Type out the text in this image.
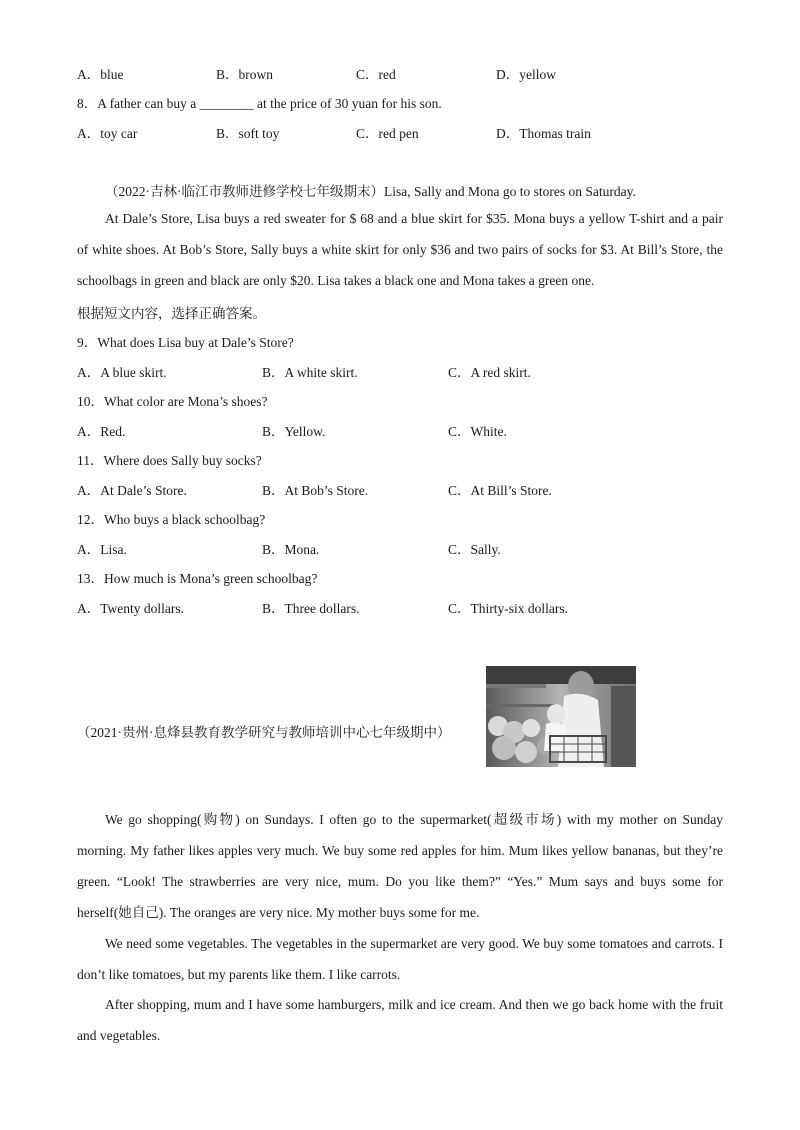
A．blue	B．brown	C．red	D．yellow
8．A father can buy a ________ at the price of 30 yuan for his son.
A．toy car	B．soft toy	C．red pen	D．Thomas train
（2022·吉林·临江市教师进修学校七年级期末）Lisa, Sally and Mona go to stores on Saturday.
At Dale’s Store, Lisa buys a red sweater for $ 68 and a blue skirt for $35. Mona buys a yellow T-shirt and a pair of white shoes. At Bob’s Store, Sally buys a white skirt for only $36 and two pairs of socks for $3. At Bill’s Store, the schoolbags in green and black are only $20. Lisa takes a black one and Mona takes a green one.
根据短文内容，选择正确答案。
9．What does Lisa buy at Dale’s Store?
A．A blue skirt.	B．A white skirt.	C．A red skirt.
10．What color are Mona’s shoes?
A．Red.	B．Yellow.	C．White.
11．Where does Sally buy socks?
A．At Dale’s Store.	B．At Bob’s Store.	C．At Bill’s Store.
12．Who buys a black schoolbag?
A．Lisa.	B．Mona.	C．Sally.
13．How much is Mona’s green schoolbag?
A．Twenty dollars.	B．Three dollars.	C．Thirty-six dollars.
（2021·贵州·息烽县教育教学研究与教师培训中心七年级期中）
We go shopping(购物) on Sundays. I often go to the supermarket(超级市场) with my mother on Sunday morning. My father likes apples very much. We buy some red apples for him. Mum likes yellow bananas, but they’re green. “Look! The strawberries are very nice, mum. Do you like them?” “Yes.” Mum says and buys some for herself(她自己). The oranges are very nice. My mother buys some for me.
We need some vegetables. The vegetables in the supermarket are very good. We buy some tomatoes and carrots. I don’t like tomatoes, but my parents like them. I like carrots.
After shopping, mum and I have some hamburgers, milk and ice cream. And then we go back home with the fruit and vegetables.
